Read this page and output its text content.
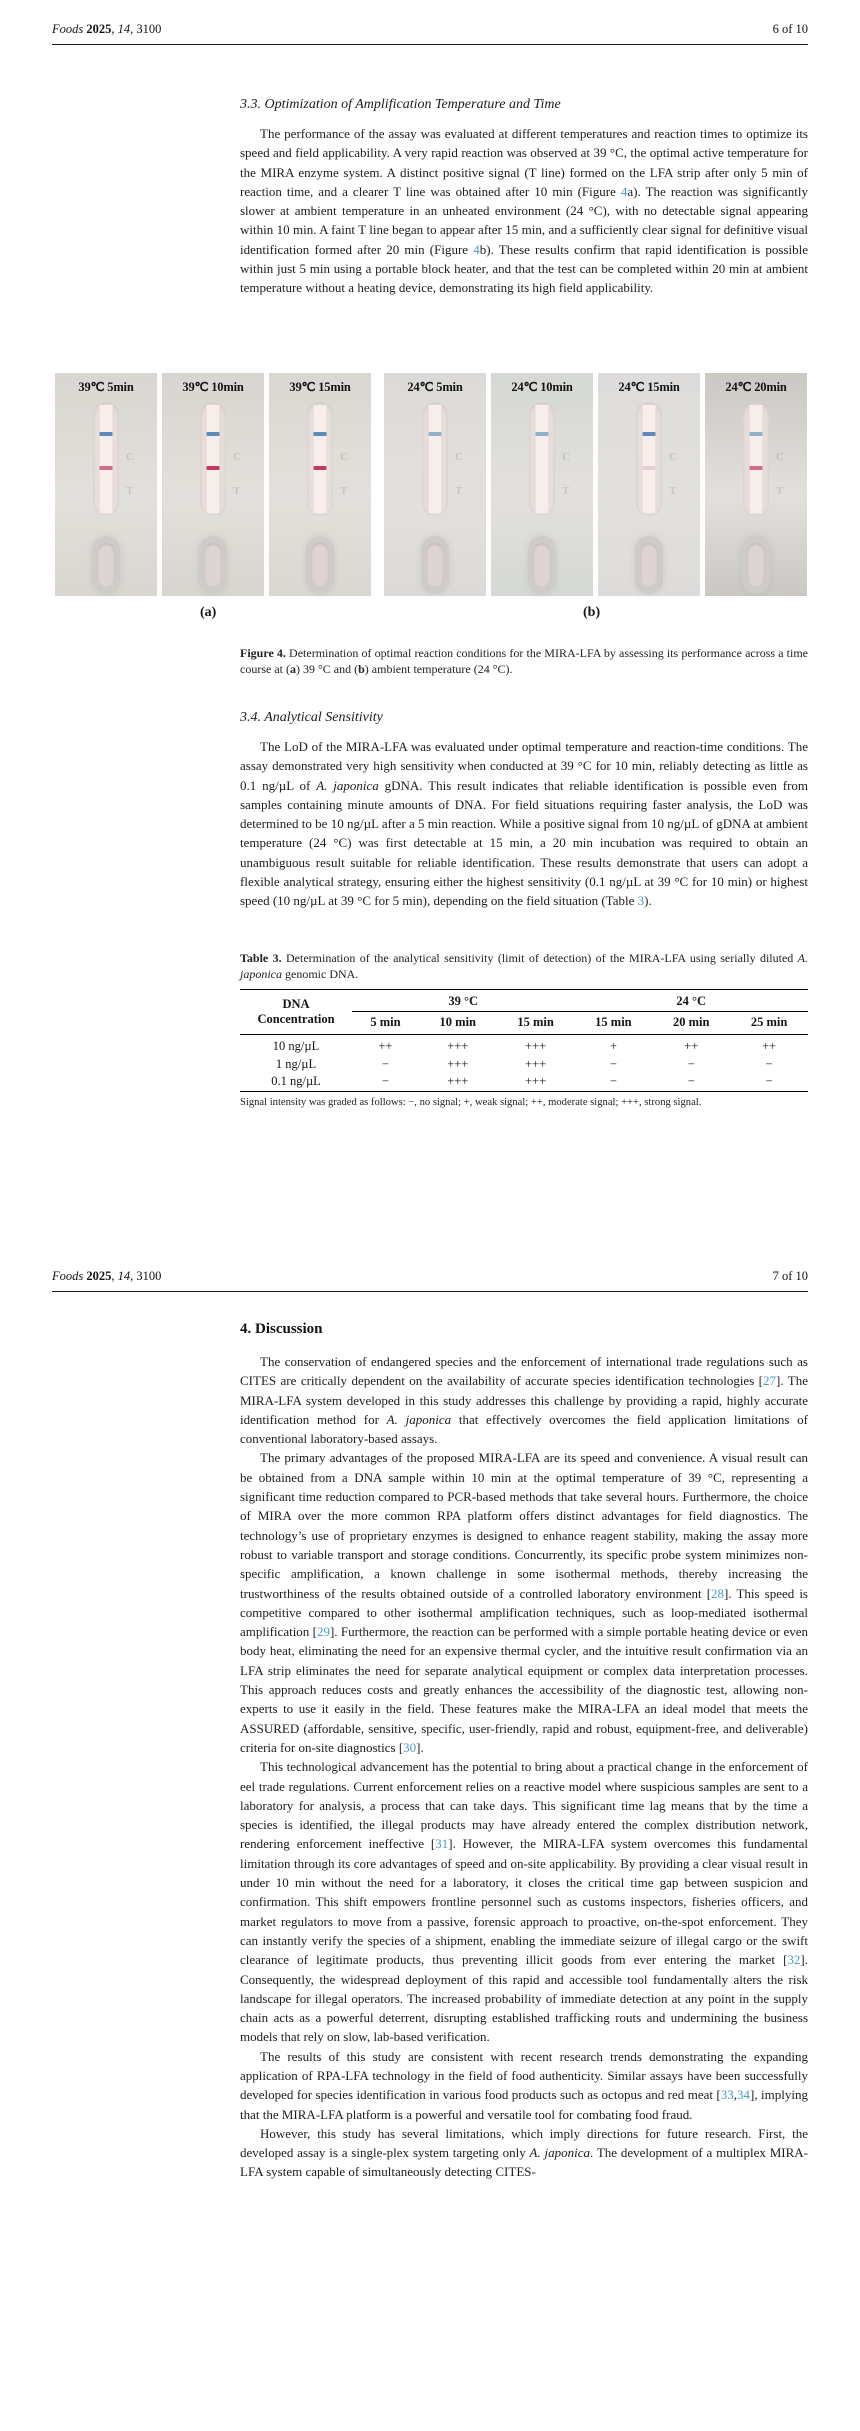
Foods 2025, 14, 3100	6 of 10
3.3. Optimization of Amplification Temperature and Time

The performance of the assay was evaluated at different temperatures and reaction times to optimize its speed and field applicability. A very rapid reaction was observed at 39 °C, the optimal active temperature for the MIRA enzyme system. A distinct positive signal (T line) formed on the LFA strip after only 5 min of reaction time, and a clearer T line was obtained after 10 min (Figure 4a). The reaction was significantly slower at ambient temperature in an unheated environment (24 °C), with no detectable signal appearing within 10 min. A faint T line began to appear after 15 min, and a sufficiently clear signal for definitive visual identification formed after 20 min (Figure 4b). These results confirm that rapid identification is possible within just 5 min using a portable block heater, and that the test can be completed within 20 min at ambient temperature without a heating device, demonstrating its high field applicability.

39℃ 5min
C
T
39℃ 10min
C
T
39℃ 15min
C
T
24℃ 5min
C
T
24℃ 10min
C
T
24℃ 15min
C
T
24℃ 20min
C
T
(a)	(b)

Figure 4. Determination of optimal reaction conditions for the MIRA-LFA by assessing its performance across a time course at (a) 39 °C and (b) ambient temperature (24 °C).

3.4. Analytical Sensitivity

The LoD of the MIRA-LFA was evaluated under optimal temperature and reaction-time conditions. The assay demonstrated very high sensitivity when conducted at 39 °C for 10 min, reliably detecting as little as 0.1 ng/µL of A. japonica gDNA. This result indicates that reliable identification is possible even from samples containing minute amounts of DNA. For field situations requiring faster analysis, the LoD was determined to be 10 ng/µL after a 5 min reaction. While a positive signal from 10 ng/µL of gDNA at ambient temperature (24 °C) was first detectable at 15 min, a 20 min incubation was required to obtain an unambiguous result suitable for reliable identification. These results demonstrate that users can adopt a flexible analytical strategy, ensuring either the highest sensitivity (0.1 ng/µL at 39 °C for 10 min) or highest speed (10 ng/µL at 39 °C for 5 min), depending on the field situation (Table 3).

Table 3. Determination of the analytical sensitivity (limit of detection) of the MIRA-LFA using serially diluted A. japonica genomic DNA.

DNA Concentration	39 °C			24 °C		
	5 min	10 min	15 min	15 min	20 min	25 min
10 ng/µL	++	+++	+++	+	++	++
1 ng/µL	−	+++	+++	−	−	−
0.1 ng/µL	−	+++	+++	−	−	−

Signal intensity was graded as follows: −, no signal; +, weak signal; ++, moderate signal; +++, strong signal.

Foods 2025, 14, 3100	7 of 10
4. Discussion

The conservation of endangered species and the enforcement of international trade regulations such as CITES are critically dependent on the availability of accurate species identification technologies [27]. The MIRA-LFA system developed in this study addresses this challenge by providing a rapid, highly accurate identification method for A. japonica that effectively overcomes the field application limitations of conventional laboratory-based assays.

The primary advantages of the proposed MIRA-LFA are its speed and convenience. A visual result can be obtained from a DNA sample within 10 min at the optimal temperature of 39 °C, representing a significant time reduction compared to PCR-based methods that take several hours. Furthermore, the choice of MIRA over the more common RPA platform offers distinct advantages for field diagnostics. The technology’s use of proprietary enzymes is designed to enhance reagent stability, making the assay more robust to variable transport and storage conditions. Concurrently, its specific probe system minimizes non-specific amplification, a known challenge in some isothermal methods, thereby increasing the trustworthiness of the results obtained outside of a controlled laboratory environment [28]. This speed is competitive compared to other isothermal amplification techniques, such as loop-mediated isothermal amplification [29]. Furthermore, the reaction can be performed with a simple portable heating device or even body heat, eliminating the need for an expensive thermal cycler, and the intuitive result confirmation via an LFA strip eliminates the need for separate analytical equipment or complex data interpretation processes. This approach reduces costs and greatly enhances the accessibility of the diagnostic test, allowing non-experts to use it easily in the field. These features make the MIRA-LFA an ideal model that meets the ASSURED (affordable, sensitive, specific, user-friendly, rapid and robust, equipment-free, and deliverable) criteria for on-site diagnostics [30].

This technological advancement has the potential to bring about a practical change in the enforcement of eel trade regulations. Current enforcement relies on a reactive model where suspicious samples are sent to a laboratory for analysis, a process that can take days. This significant time lag means that by the time a species is identified, the illegal products may have already entered the complex distribution network, rendering enforcement ineffective [31]. However, the MIRA-LFA system overcomes this fundamental limitation through its core advantages of speed and on-site applicability. By providing a clear visual result in under 10 min without the need for a laboratory, it closes the critical time gap between suspicion and confirmation. This shift empowers frontline personnel such as customs inspectors, fisheries officers, and market regulators to move from a passive, forensic approach to proactive, on-the-spot enforcement. They can instantly verify the species of a shipment, enabling the immediate seizure of illegal cargo or the swift clearance of legitimate products, thus preventing illicit goods from ever entering the market [32]. Consequently, the widespread deployment of this rapid and accessible tool fundamentally alters the risk landscape for illegal operators. The increased probability of immediate detection at any point in the supply chain acts as a powerful deterrent, disrupting established trafficking routs and undermining the business models that rely on slow, lab-based verification.

The results of this study are consistent with recent research trends demonstrating the expanding application of RPA-LFA technology in the field of food authenticity. Similar assays have been successfully developed for species identification in various food products such as octopus and red meat [33,34], implying that the MIRA-LFA platform is a powerful and versatile tool for combating food fraud.

However, this study has several limitations, which imply directions for future research. First, the developed assay is a single-plex system targeting only A. japonica. The development of a multiplex MIRA-LFA system capable of simultaneously detecting CITES-
